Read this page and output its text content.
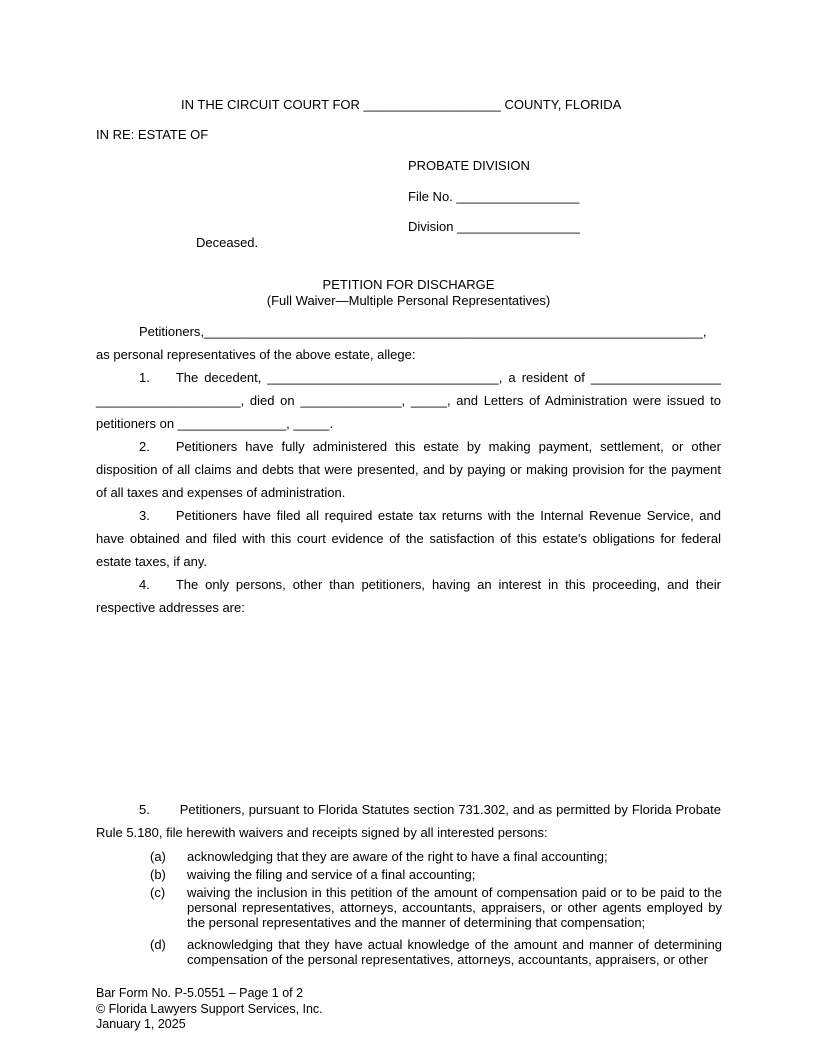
IN THE CIRCUIT COURT FOR ___________________ COUNTY, FLORIDA
IN RE: ESTATE OF
PROBATE DIVISION
File No. _________________
Division _________________
Deceased.
PETITION FOR DISCHARGE
(Full Waiver—Multiple Personal Representatives)
Petitioners,_____________________________________________________________________, as personal representatives of the above estate, allege:
1.  The decedent, ________________________________, a resident of __________________ ____________________, died on ______________, _____, and Letters of Administration were issued to petitioners on _______________, _____.
2.  Petitioners have fully administered this estate by making payment, settlement, or other disposition of all claims and debts that were presented, and by paying or making provision for the payment of all taxes and expenses of administration.
3.  Petitioners have filed all required estate tax returns with the Internal Revenue Service, and have obtained and filed with this court evidence of the satisfaction of this estate's obligations for federal estate taxes, if any.
4.  The only persons, other than petitioners, having an interest in this proceeding, and their respective addresses are:
5.   Petitioners, pursuant to Florida Statutes section 731.302, and as permitted by Florida Probate Rule 5.180, file herewith waivers and receipts signed by all interested persons:
(a) acknowledging that they are aware of the right to have a final accounting;
(b) waiving the filing and service of a final accounting;
(c) waiving the inclusion in this petition of the amount of compensation paid or to be paid to the personal representatives, attorneys, accountants, appraisers, or other agents employed by the personal representatives and the manner of determining that compensation;
(d) acknowledging that they have actual knowledge of the amount and manner of determining compensation of the personal representatives, attorneys, accountants, appraisers, or other
Bar Form No. P-5.0551 – Page 1 of 2
© Florida Lawyers Support Services, Inc.
January 1, 2025
